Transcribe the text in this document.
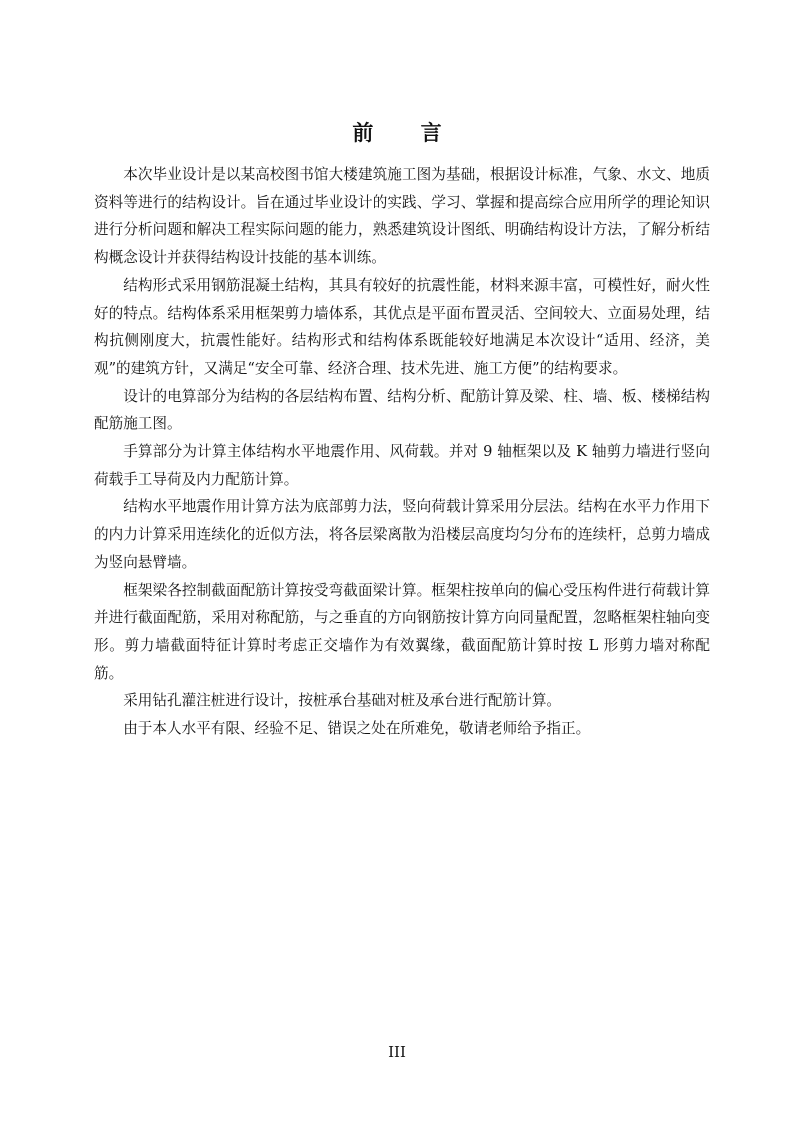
前 言

本次毕业设计是以某高校图书馆大楼建筑施工图为基础，根据设计标准，气象、水文、地质资料等进行的结构设计。旨在通过毕业设计的实践、学习、掌握和提高综合应用所学的理论知识进行分析问题和解决工程实际问题的能力，熟悉建筑设计图纸、明确结构设计方法，了解分析结构概念设计并获得结构设计技能的基本训练。

结构形式采用钢筋混凝土结构，其具有较好的抗震性能，材料来源丰富，可模性好，耐火性好的特点。结构体系采用框架剪力墙体系，其优点是平面布置灵活、空间较大、立面易处理，结构抗侧刚度大，抗震性能好。结构形式和结构体系既能较好地满足本次设计“适用、经济，美观”的建筑方针，又满足“安全可靠、经济合理、技术先进、施工方便”的结构要求。

设计的电算部分为结构的各层结构布置、结构分析、配筋计算及梁、柱、墙、板、楼梯结构配筋施工图。

手算部分为计算主体结构水平地震作用、风荷载。并对 9 轴框架以及 K 轴剪力墙进行竖向荷载手工导荷及内力配筋计算。

结构水平地震作用计算方法为底部剪力法，竖向荷载计算采用分层法。结构在水平力作用下的内力计算采用连续化的近似方法，将各层梁离散为沿楼层高度均匀分布的连续杆，总剪力墙成为竖向悬臂墙。

框架梁各控制截面配筋计算按受弯截面梁计算。框架柱按单向的偏心受压构件进行荷载计算并进行截面配筋，采用对称配筋，与之垂直的方向钢筋按计算方向同量配置，忽略框架柱轴向变形。剪力墙截面特征计算时考虑正交墙作为有效翼缘，截面配筋计算时按 L 形剪力墙对称配筋。

采用钻孔灌注桩进行设计，按桩承台基础对桩及承台进行配筋计算。

由于本人水平有限、经验不足、错误之处在所难免，敬请老师给予指正。

III
